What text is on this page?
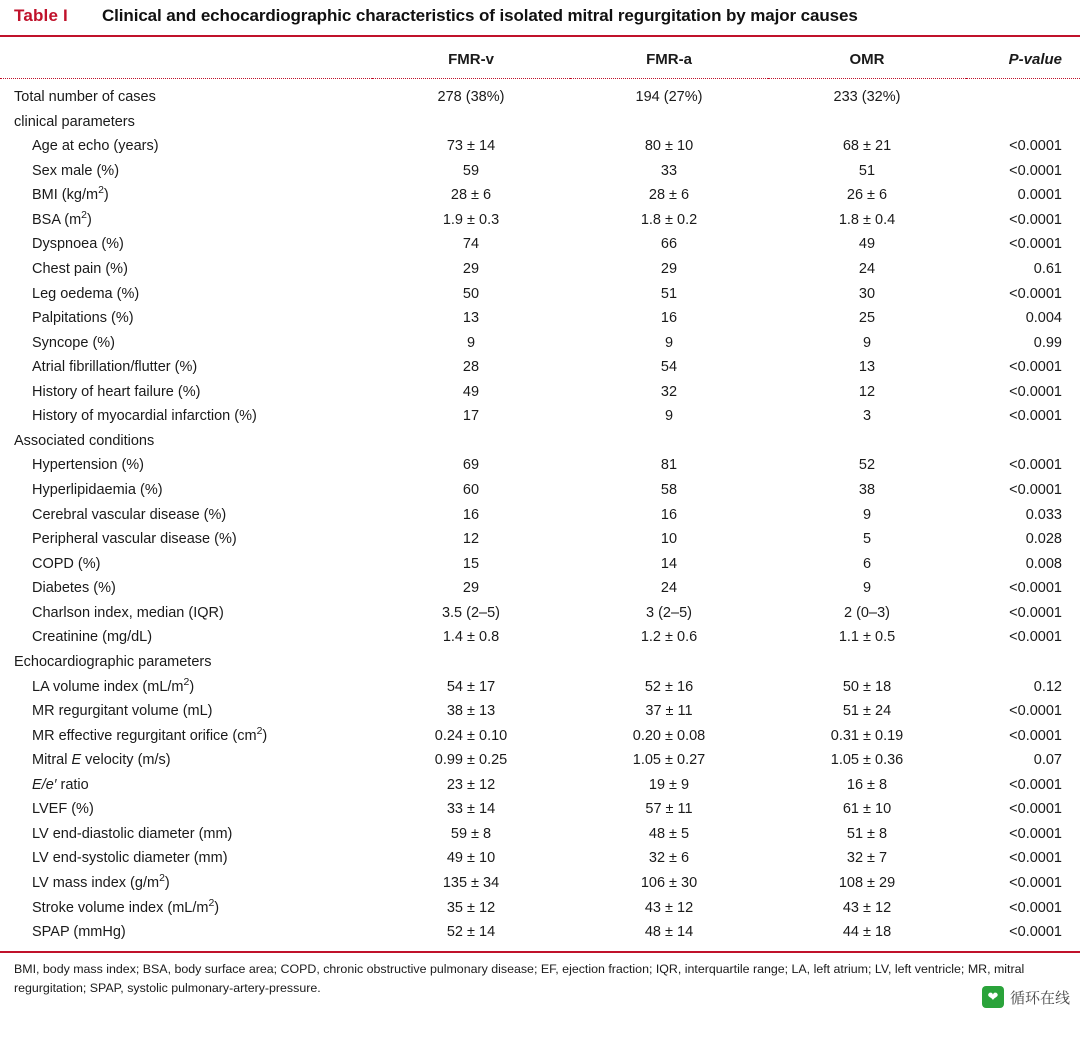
Table I Clinical and echocardiographic characteristics of isolated mitral regurgitation by major causes
	FMR-v	FMR-a	OMR	P-value
Total number of cases	278 (38%)	194 (27%)	233 (32%)	
clinical parameters				
Age at echo (years)	73 ± 14	80 ± 10	68 ± 21	<0.0001
Sex male (%)	59	33	51	<0.0001
BMI $(kg/m^2)$	28 ± 6	28 ± 6	26 ± 6	0.0001
BSA $(m^2)$	1.9 ± 0.3	1.8 ± 0.2	1.8 ± 0.4	<0.0001
Dyspnoea (%)	74	66	49	<0.0001
Chest pain (%)	29	29	24	0.61
Leg oedema (%)	50	51	30	<0.0001
Palpitations (%)	13	16	25	0.004
Syncope (%)	9	9	9	0.99
Atrial fibrillation/flutter (%)	28	54	13	<0.0001
History of heart failure (%)	49	32	12	<0.0001
History of myocardial infarction (%)	17	9	3	<0.0001
Associated conditions				
Hypertension (%)	69	81	52	<0.0001
Hyperlipidaemia (%)	60	58	38	<0.0001
Cerebral vascular disease (%)	16	16	9	0.033
Peripheral vascular disease (%)	12	10	5	0.028
COPD (%)	15	14	6	0.008
Diabetes (%)	29	24	9	<0.0001
Charlson index, median (IQR)	3.5 (2–5)	3 (2–5)	2 (0–3)	<0.0001
Creatinine (mg/dL)	1.4 ± 0.8	1.2 ± 0.6	1.1 ± 0.5	<0.0001
Echocardiographic parameters				
LA volume index $(mL/m^2)$	54 ± 17	52 ± 16	50 ± 18	0.12
MR regurgitant volume (mL)	38 ± 13	37 ± 11	51 ± 24	<0.0001
MR effective regurgitant orifice $(cm^2)$	0.24 ± 0.10	0.20 ± 0.08	0.31 ± 0.19	<0.0001
Mitral E velocity (m/s)	0.99 ± 0.25	1.05 ± 0.27	1.05 ± 0.36	0.07
E/e′ ratio	23 ± 12	19 ± 9	16 ± 8	<0.0001
LVEF (%)	33 ± 14	57 ± 11	61 ± 10	<0.0001
LV end-diastolic diameter (mm)	59 ± 8	48 ± 5	51 ± 8	<0.0001
LV end-systolic diameter (mm)	49 ± 10	32 ± 6	32 ± 7	<0.0001
LV mass index $(g/m^2)$	135 ± 34	106 ± 30	108 ± 29	<0.0001
Stroke volume index $(mL/m^2)$	35 ± 12	43 ± 12	43 ± 12	<0.0001
SPAP (mmHg)	52 ± 14	48 ± 14	44 ± 18	<0.0001
BMI, body mass index; BSA, body surface area; COPD, chronic obstructive pulmonary disease; EF, ejection fraction; IQR, interquartile range; LA, left atrium; LV, left ventricle; MR, mitral regurgitation; SPAP, systolic pulmonary-artery-pressure.
❤ 循环在线
